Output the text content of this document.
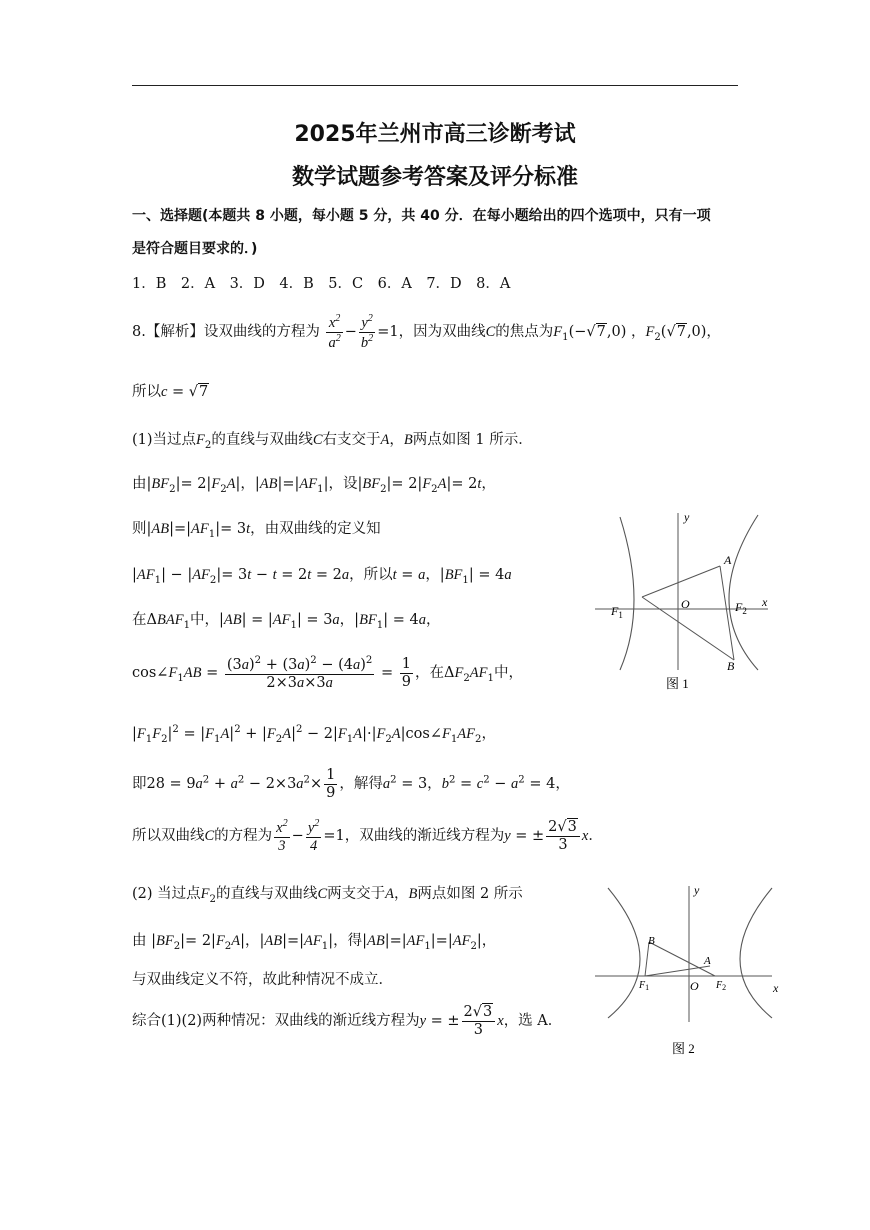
2025年兰州市高三诊断考试
数学试题参考答案及评分标准
一、选择题(本题共 8 小题，每小题 5 分，共 40 分．在每小题给出的四个选项中，只有一项
是符合题目要求的．)
1．B　2．A　3．D　4．B　5．C　6．A　7．D　8．A
8.【解析】设双曲线的方程为 $\frac{x^2}{a^2} - \frac{y^2}{b^2} =1$，因为双曲线C的焦点为$F_1(-√7,0)$ ，$F_2(√7,0)$，
所以c = √7
(1)当过点$F_2$的直线与双曲线C右支交于A，B两点如图 1 所示．
由$|BF_2|= 2|F_2A|$，$|AB|=|AF_1|$，设$|BF_2|= 2|F_2A|= 2t$，
则$|AB|=|AF_1|= 3t$，由双曲线的定义知
$|AF_1| - |AF_2|= 3t - t = 2t = 2a$，所以t = a，$|BF_1| = 4a$
在$\Delta BAF_1$中，$|AB| = |AF_1| = 3a$，$|BF_1| = 4a$，
$\cos\angle F_1AB = \frac{(3a)^2 + (3a)^2 - (4a)^2}{2\times 3a\times 3a} = \frac{1}{9}$ ，在$\Delta F_2AF_1$中，
$|F_1F_2|^2 = |F_1A|^2 + |F_2A|^2$ − $2|F_1A|\cdot|F_2A|\cos\angle F_1AF_2$，
即$28 = 9a^2 + a^2 - 2\times 3a^2\times \frac{1}{9}$ ，解得$a^2 = 3$，$b^2 = c^2 - a^2 = 4$，
所以双曲线C的方程为 $\frac{x^2}{3} - \frac{y^2}{4} =1$，双曲线的渐近线方程为y = ± $\frac{2√3}{3}$ x．
(2) 当过点$F_2$的直线与双曲线C两支交于A，B两点如图 2 所示
由 $|BF_2|= 2|F_2A|$，$|AB|=|AF_1|$，得$|AB|=|AF_1|=|AF_2|$，
与双曲线定义不符，故此种情况不成立．
综合(1)(2)两种情况：双曲线的渐近线方程为y = ± $\frac{2√3}{3}$ x，选 A．
y
x
O
A
B
$F_1$
$F_2$
图 1
y
x
O
A
B
$F_1$	$F_2$
图 2
